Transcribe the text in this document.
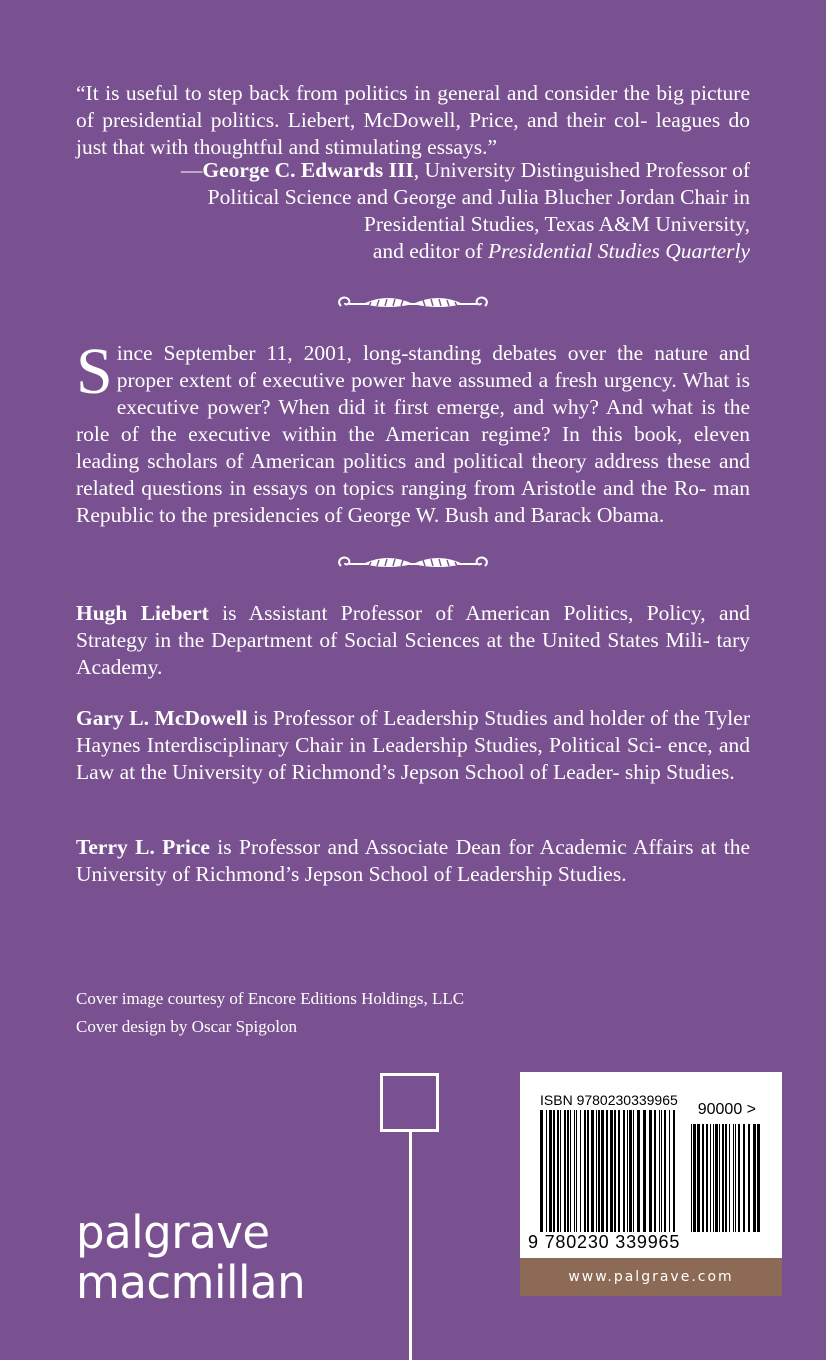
“It is useful to step back from politics in general and consider the big picture of presidential politics. Liebert, McDowell, Price, and their col- leagues do just that with thoughtful and stimulating essays.”

—George C. Edwards III, University Distinguished Professor of
Political Science and George and Julia Blucher Jordan Chair in
Presidential Studies, Texas A&M University,
and editor of Presidential Studies Quarterly
Since September 11, 2001, long-standing debates over the nature and proper extent of executive power have assumed a fresh urgency. What is executive power? When did it first emerge, and why? And what is the role of the executive within the American regime? In this book, eleven leading scholars of American politics and political theory address these and related questions in essays on topics ranging from Aristotle and the Ro- man Republic to the presidencies of George W. Bush and Barack Obama.

Hugh Liebert is Assistant Professor of American Politics, Policy, and Strategy in the Department of Social Sciences at the United States Mili- tary Academy.

Gary L. McDowell is Professor of Leadership Studies and holder of the Tyler Haynes Interdisciplinary Chair in Leadership Studies, Political Sci- ence, and Law at the University of Richmond’s Jepson School of Leader- ship Studies.

Terry L. Price is Professor and Associate Dean for Academic Affairs at the University of Richmond’s Jepson School of Leadership Studies.

Cover image courtesy of Encore Editions Holdings, LLC
Cover design by Oscar Spigolon
palgrave
macmillan
ISBN 9780230339965
90000 >
9 780230 339965
www.palgrave.com
